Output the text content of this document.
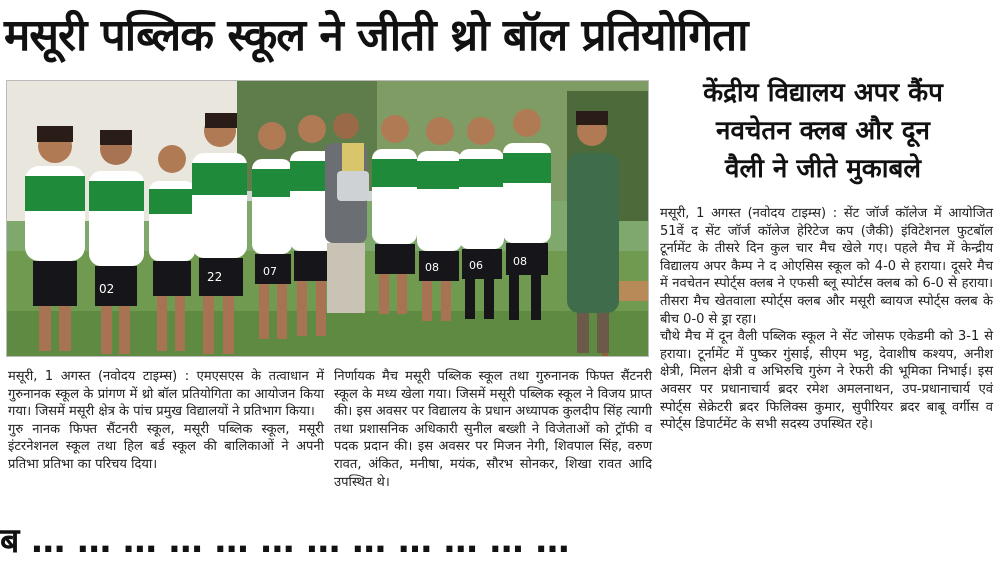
मसूरी पब्लिक स्कूल ने जीती थ्रो बॉल प्रतियोगिता
02
22	07	08	06	08
केंद्रीय विद्यालय अपर कैंप
नवचेतन क्लब और दून
वैली ने जीते मुकाबले

मसूरी, 1 अगस्त (नवोदय टाइम्स) : सेंट जॉर्ज कॉलेज में आयोजित 51वें द सेंट जॉर्ज कॉलेज हेरिटेज कप (जैकी) इंविटेशनल फुटबॉल टूर्नामेंट के तीसरे दिन कुल चार मैच खेले गए। पहले मैच में केन्द्रीय विद्यालय अपर कैम्प ने द ओएसिस स्कूल को 4-0 से हराया। दूसरे मैच में नवचेतन स्पोर्ट्स क्लब ने एफसी ब्लू स्पोर्टस क्लब को 6-0 से हराया। तीसरा मैच खेतवाला स्पोर्ट्स क्लब और मसूरी ब्वायज स्पोर्ट्स क्लब के बीच 0-0 से ड्रा रहा।

चौथे मैच में दून वैली पब्लिक स्कूल ने सेंट जोसफ एकेडमी को 3-1 से हराया। टूर्नामेंट में पुष्कर गुंसाई, सीएम भट्ट, देवाशीष कश्यप, अनीश क्षेत्री, मिलन क्षेत्री व अभिरुचि गुरुंग ने रेफरी की भूमिका निभाई। इस अवसर पर प्रधानाचार्य ब्रदर रमेश अमलनाथन, उप-प्रधानाचार्य एवं स्पोर्ट्स सेक्रेटरी ब्रदर फिलिक्स कुमार, सुपीरियर ब्रदर बाबू वर्गीस व स्पोर्ट्स डिपार्टमेंट के सभी सदस्य उपस्थित रहे।

मसूरी, 1 अगस्त (नवोदय टाइम्स) : एमएसएस के तत्वाधान में गुरुनानक स्कूल के प्रांगण में थ्रो बॉल प्रतियोगिता का आयोजन किया गया। जिसमें मसूरी क्षेत्र के पांच प्रमुख विद्यालयों ने प्रतिभाग किया।

गुरु नानक फिफ्त सैंटनरी स्कूल, मसूरी पब्लिक स्कूल, मसूरी इंटरनेशनल स्कूल तथा हिल बर्ड स्कूल की बालिकाओं ने अपनी प्रतिभा प्रतिभा का परिचय दिया।

निर्णायक मैच मसूरी पब्लिक स्कूल तथा गुरुनानक फिफ्त सैंटनरी स्कूल के मध्य खेला गया। जिसमें मसूरी पब्लिक स्कूल ने विजय प्राप्त की। इस अवसर पर विद्यालय के प्रधान अध्यापक कुलदीप सिंह त्यागी तथा प्रशासनिक अधिकारी सुनील बख्शी ने विजेताओं को ट्रॉफी व पदक प्रदान की। इस अवसर पर मिजन नेगी, शिवपाल सिंह, वरुण रावत, अंकित, मनीषा, मयंक, सौरभ सोनकर, शिखा रावत आदि उपस्थित थे।

ब … … … … … … … … … … … …
